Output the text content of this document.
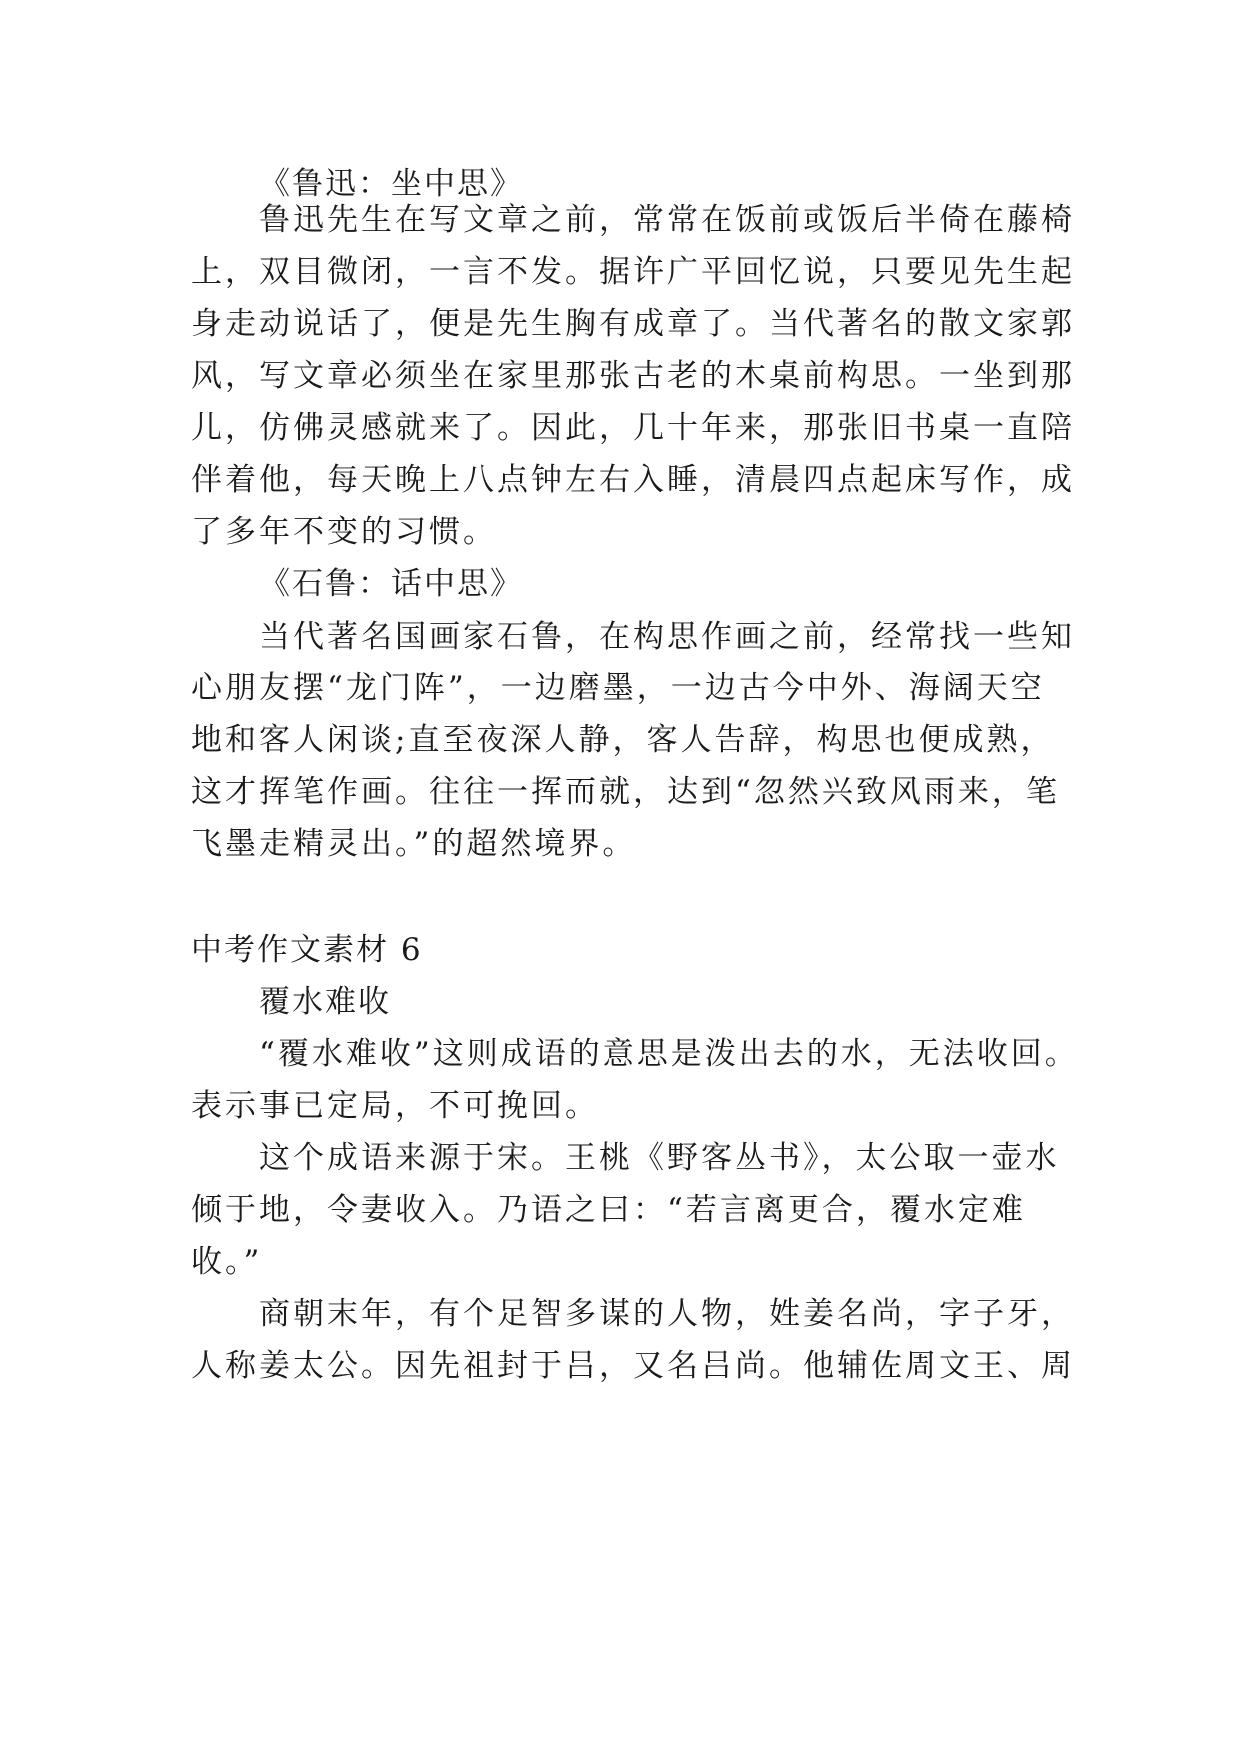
《鲁迅：坐中思》
鲁迅先生在写文章之前，常常在饭前或饭后半倚在藤椅
上，双目微闭，一言不发。据许广平回忆说，只要见先生起
身走动说话了，便是先生胸有成章了。当代著名的散文家郭
风，写文章必须坐在家里那张古老的木桌前构思。一坐到那
儿，仿佛灵感就来了。因此，几十年来，那张旧书桌一直陪
伴着他，每天晚上八点钟左右入睡，清晨四点起床写作，成
了多年不变的习惯。
《石鲁：话中思》
当代著名国画家石鲁，在构思作画之前，经常找一些知
心朋友摆“龙门阵”，一边磨墨，一边古今中外、海阔天空
地和客人闲谈;直至夜深人静，客人告辞，构思也便成熟，
这才挥笔作画。往往一挥而就，达到“忽然兴致风雨来，笔
飞墨走精灵出。”的超然境界。
中考作文素材 6
覆水难收
“覆水难收”这则成语的意思是泼出去的水，无法收回。
表示事已定局，不可挽回。
这个成语来源于宋。王桃《野客丛书》，太公取一壶水
倾于地，令妻收入。乃语之曰：“若言离更合，覆水定难
收。”
商朝末年，有个足智多谋的人物，姓姜名尚，字子牙，
人称姜太公。因先祖封于吕，又名吕尚。他辅佐周文王、周
